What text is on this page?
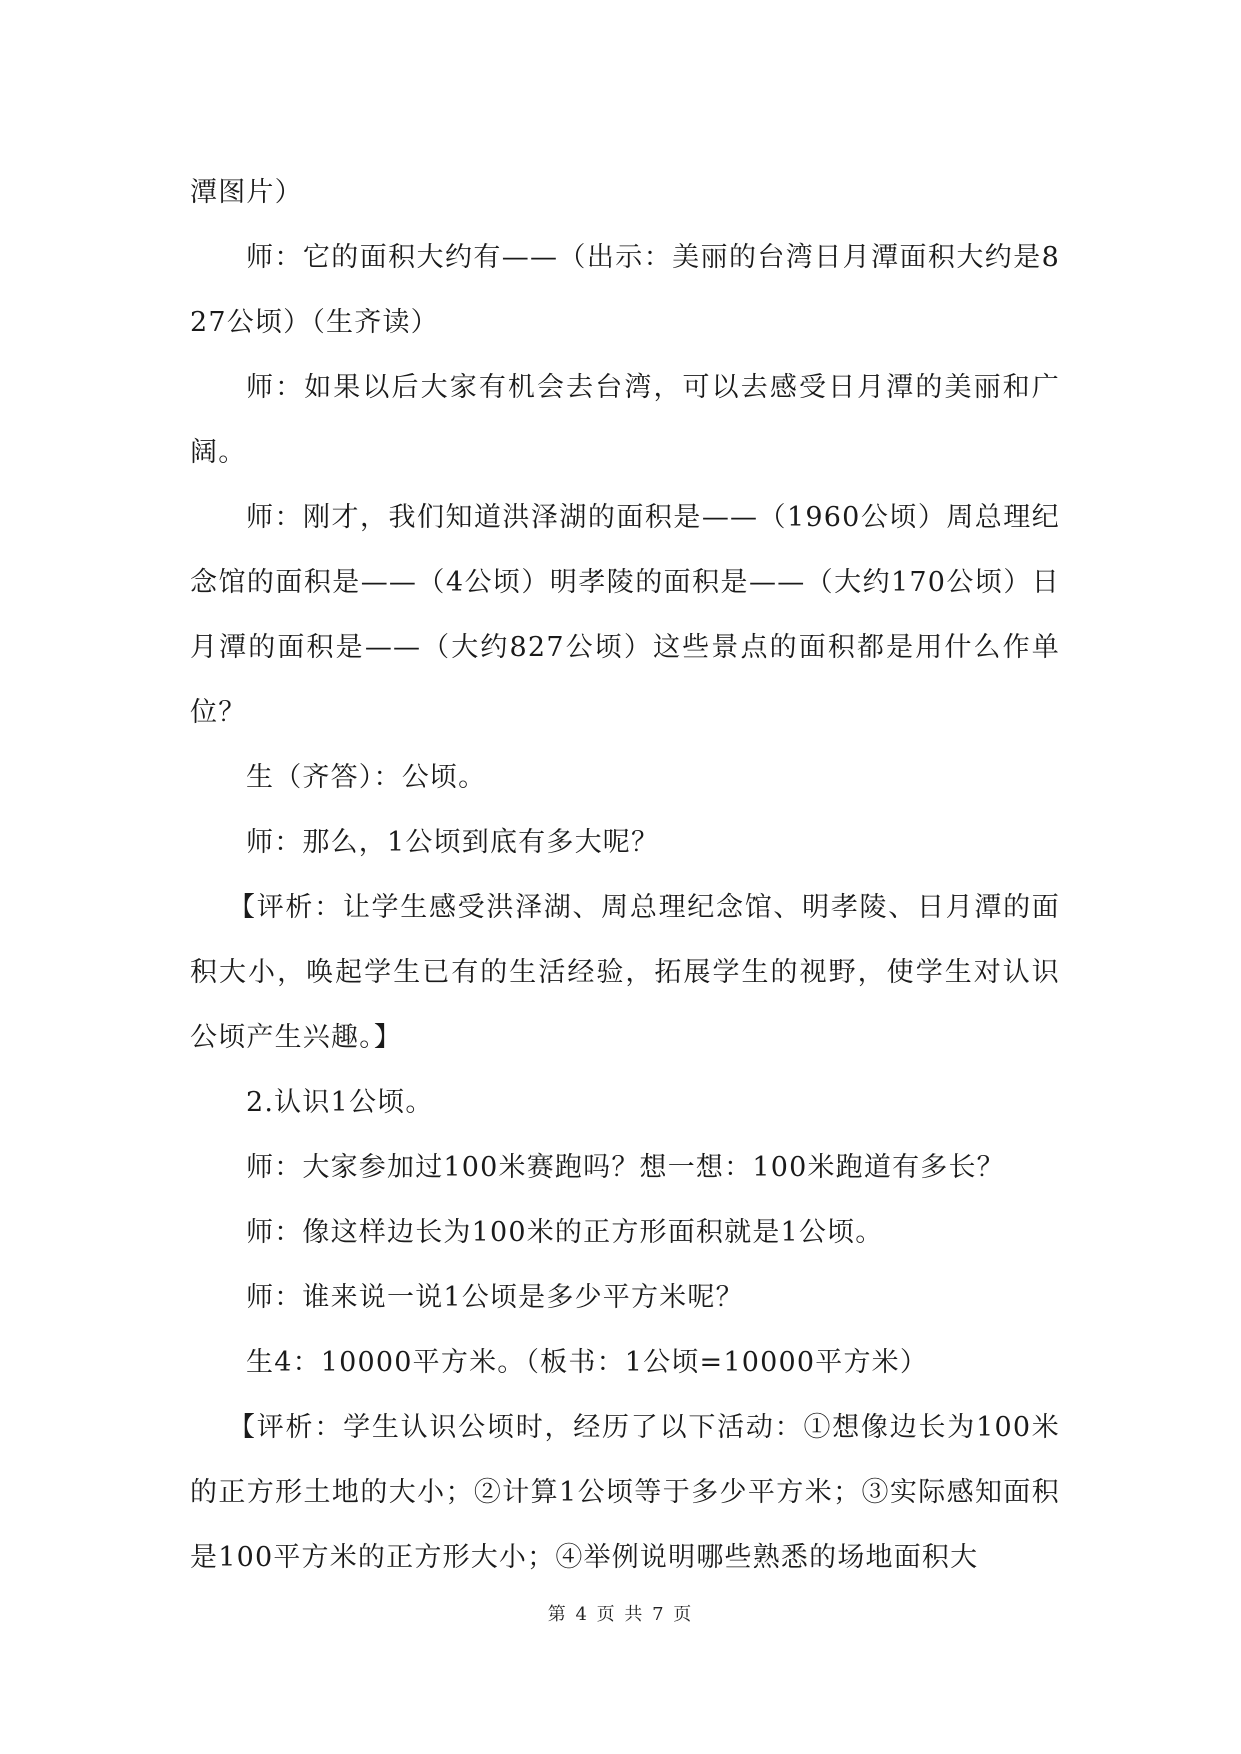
潭图片）

师：它的面积大约有——（出示：美丽的台湾日月潭面积大约是827公顷）（生齐读）

师：如果以后大家有机会去台湾，可以去感受日月潭的美丽和广阔。

师：刚才，我们知道洪泽湖的面积是——（1960公顷）周总理纪念馆的面积是——（4公顷）明孝陵的面积是——（大约170公顷）日月潭的面积是——（大约827公顷）这些景点的面积都是用什么作单位？

生（齐答）：公顷。

师：那么，1公顷到底有多大呢？

【评析：让学生感受洪泽湖、周总理纪念馆、明孝陵、日月潭的面积大小，唤起学生已有的生活经验，拓展学生的视野，使学生对认识公顷产生兴趣。】

2.认识1公顷。

师：大家参加过100米赛跑吗？想一想：100米跑道有多长？

师：像这样边长为100米的正方形面积就是1公顷。

师：谁来说一说1公顷是多少平方米呢？

生4：10000平方米。（板书：1公顷=10000平方米）

【评析：学生认识公顷时，经历了以下活动：①想像边长为100米的正方形土地的大小；②计算1公顷等于多少平方米；③实际感知面积是100平方米的正方形大小；④举例说明哪些熟悉的场地面积大

第 4 页 共 7 页
